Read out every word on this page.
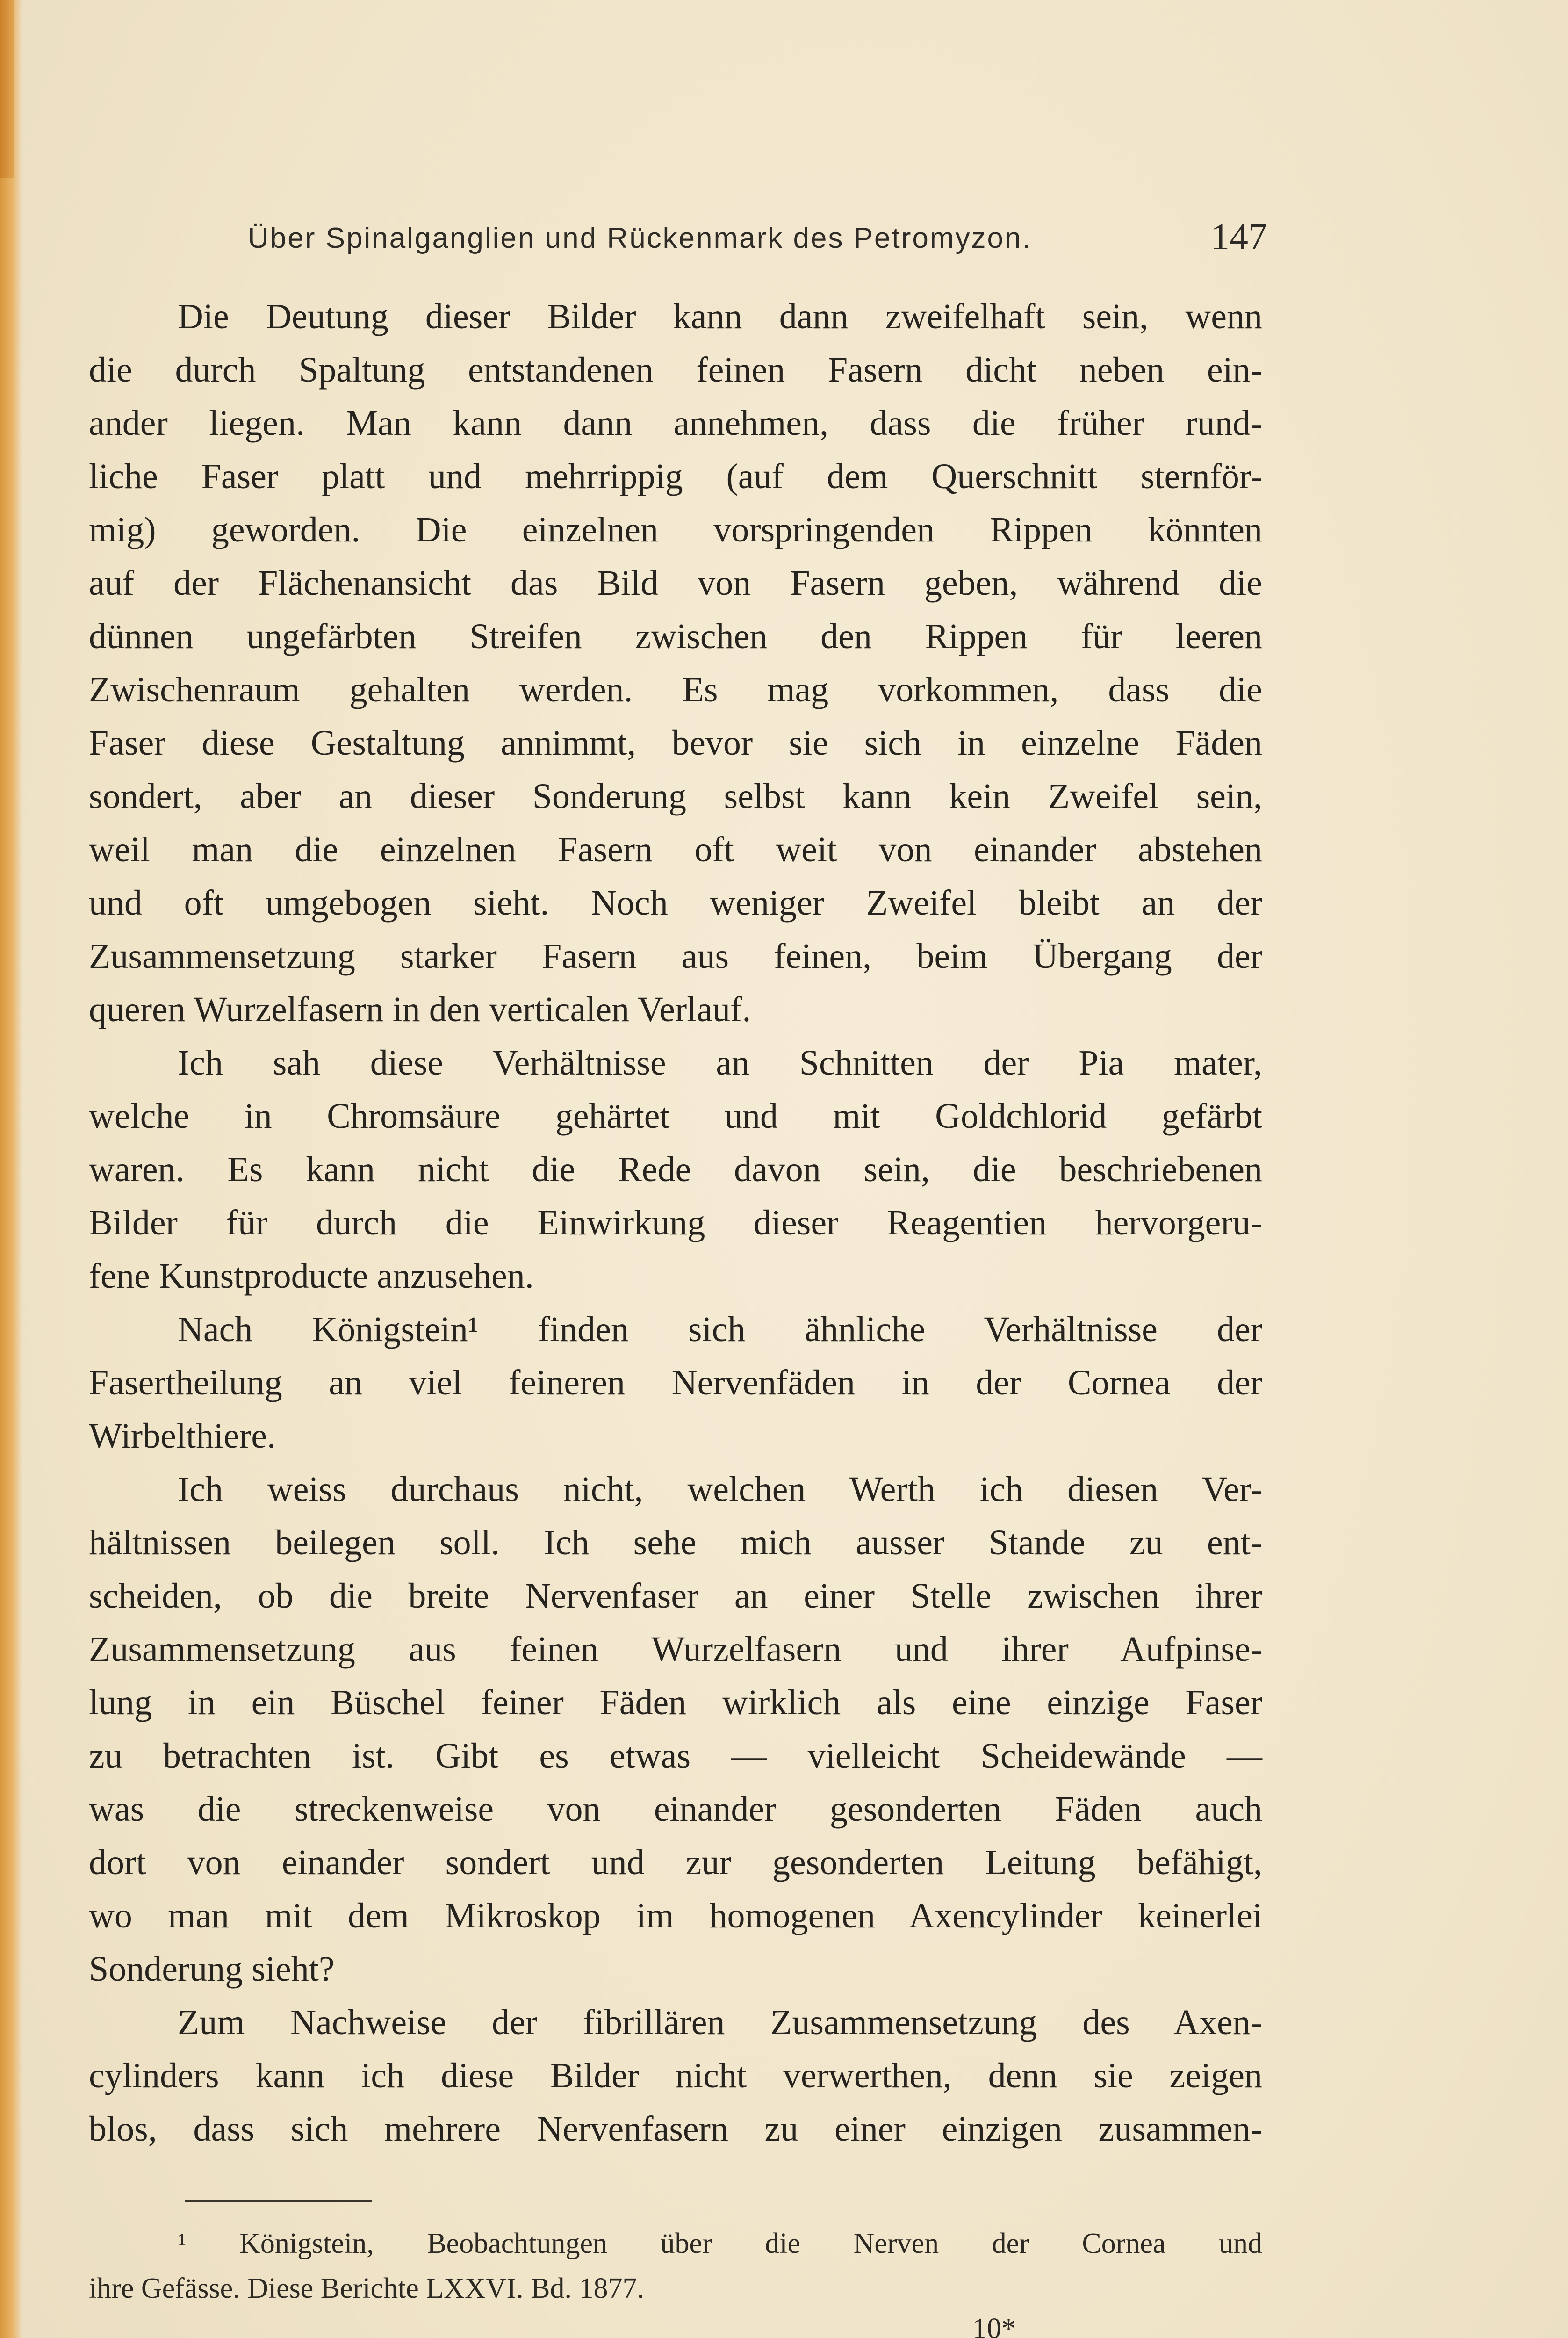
Über Spinalganglien und Rückenmark des Petromyzon.	147
Die Deutung dieser Bilder kann dann zweifelhaft sein, wenn
die durch Spaltung entstandenen feinen Fasern dicht neben ein-
ander liegen. Man kann dann annehmen, dass die früher rund-
liche Faser platt und mehrrippig (auf dem Querschnitt sternför-
mig) geworden. Die einzelnen vorspringenden Rippen könnten
auf der Flächenansicht das Bild von Fasern geben, während die
dünnen ungefärbten Streifen zwischen den Rippen für leeren
Zwischenraum gehalten werden. Es mag vorkommen, dass die
Faser diese Gestaltung annimmt, bevor sie sich in einzelne Fäden
sondert, aber an dieser Sonderung selbst kann kein Zweifel sein,
weil man die einzelnen Fasern oft weit von einander abstehen
und oft umgebogen sieht. Noch weniger Zweifel bleibt an der
Zusammensetzung starker Fasern aus feinen, beim Übergang der
queren Wurzelfasern in den verticalen Verlauf.
Ich sah diese Verhältnisse an Schnitten der Pia mater,
welche in Chromsäure gehärtet und mit Goldchlorid gefärbt
waren. Es kann nicht die Rede davon sein, die beschriebenen
Bilder für durch die Einwirkung dieser Reagentien hervorgeru-
fene Kunstproducte anzusehen.
Nach Königstein¹ finden sich ähnliche Verhältnisse der
Fasertheilung an viel feineren Nervenfäden in der Cornea der
Wirbelthiere.
Ich weiss durchaus nicht, welchen Werth ich diesen Ver-
hältnissen beilegen soll. Ich sehe mich ausser Stande zu ent-
scheiden, ob die breite Nervenfaser an einer Stelle zwischen ihrer
Zusammensetzung aus feinen Wurzelfasern und ihrer Aufpinse-
lung in ein Büschel feiner Fäden wirklich als eine einzige Faser
zu betrachten ist. Gibt es etwas — vielleicht Scheidewände —
was die streckenweise von einander gesonderten Fäden auch
dort von einander sondert und zur gesonderten Leitung befähigt,
wo man mit dem Mikroskop im homogenen Axencylinder keinerlei
Sonderung sieht?
Zum Nachweise der fibrillären Zusammensetzung des Axen-
cylinders kann ich diese Bilder nicht verwerthen, denn sie zeigen
blos, dass sich mehrere Nervenfasern zu einer einzigen zusammen-
¹ Königstein, Beobachtungen über die Nerven der Cornea und
ihre Gefässe. Diese Berichte LXXVI. Bd. 1877.
10*
